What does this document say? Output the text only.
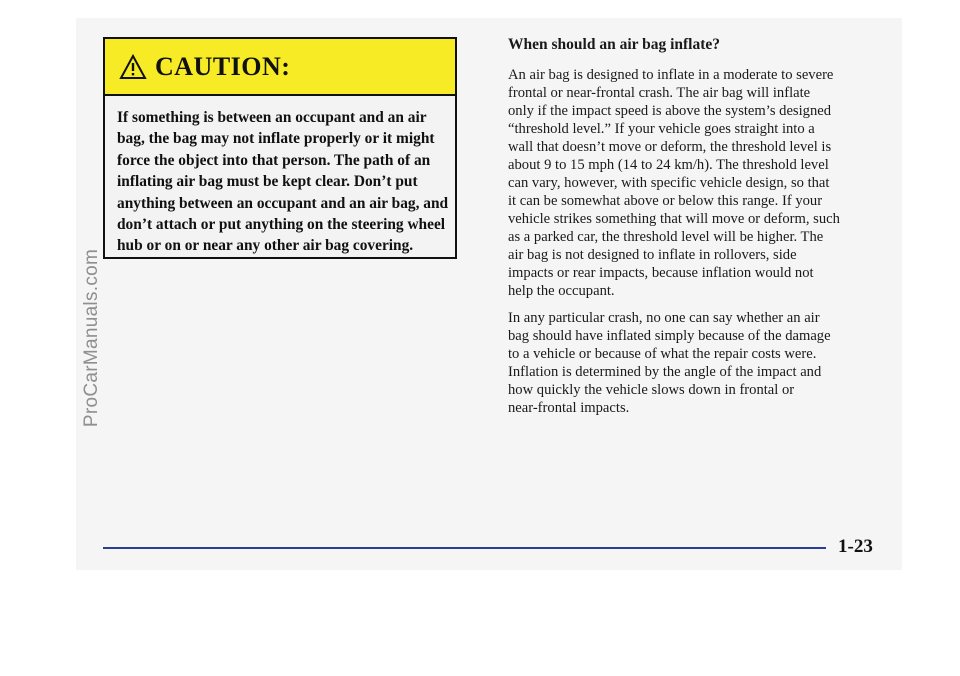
ProCarManuals.com
CAUTION:
If something is between an occupant and an air
bag, the bag may not inflate properly or it might
force the object into that person. The path of an
inflating air bag must be kept clear. Don’t put
anything between an occupant and an air bag, and
don’t attach or put anything on the steering wheel
hub or on or near any other air bag covering.
When should an air bag inflate?
An air bag is designed to inflate in a moderate to severe
frontal or near-frontal crash. The air bag will inflate
only if the impact speed is above the system’s designed
“threshold level.” If your vehicle goes straight into a
wall that doesn’t move or deform, the threshold level is
about 9 to 15 mph (14 to 24 km/h). The threshold level
can vary, however, with specific vehicle design, so that
it can be somewhat above or below this range. If your
vehicle strikes something that will move or deform, such
as a parked car, the threshold level will be higher. The
air bag is not designed to inflate in rollovers, side
impacts or rear impacts, because inflation would not
help the occupant.
In any particular crash, no one can say whether an air
bag should have inflated simply because of the damage
to a vehicle or because of what the repair costs were.
Inflation is determined by the angle of the impact and
how quickly the vehicle slows down in frontal or
near-frontal impacts.
1-23
